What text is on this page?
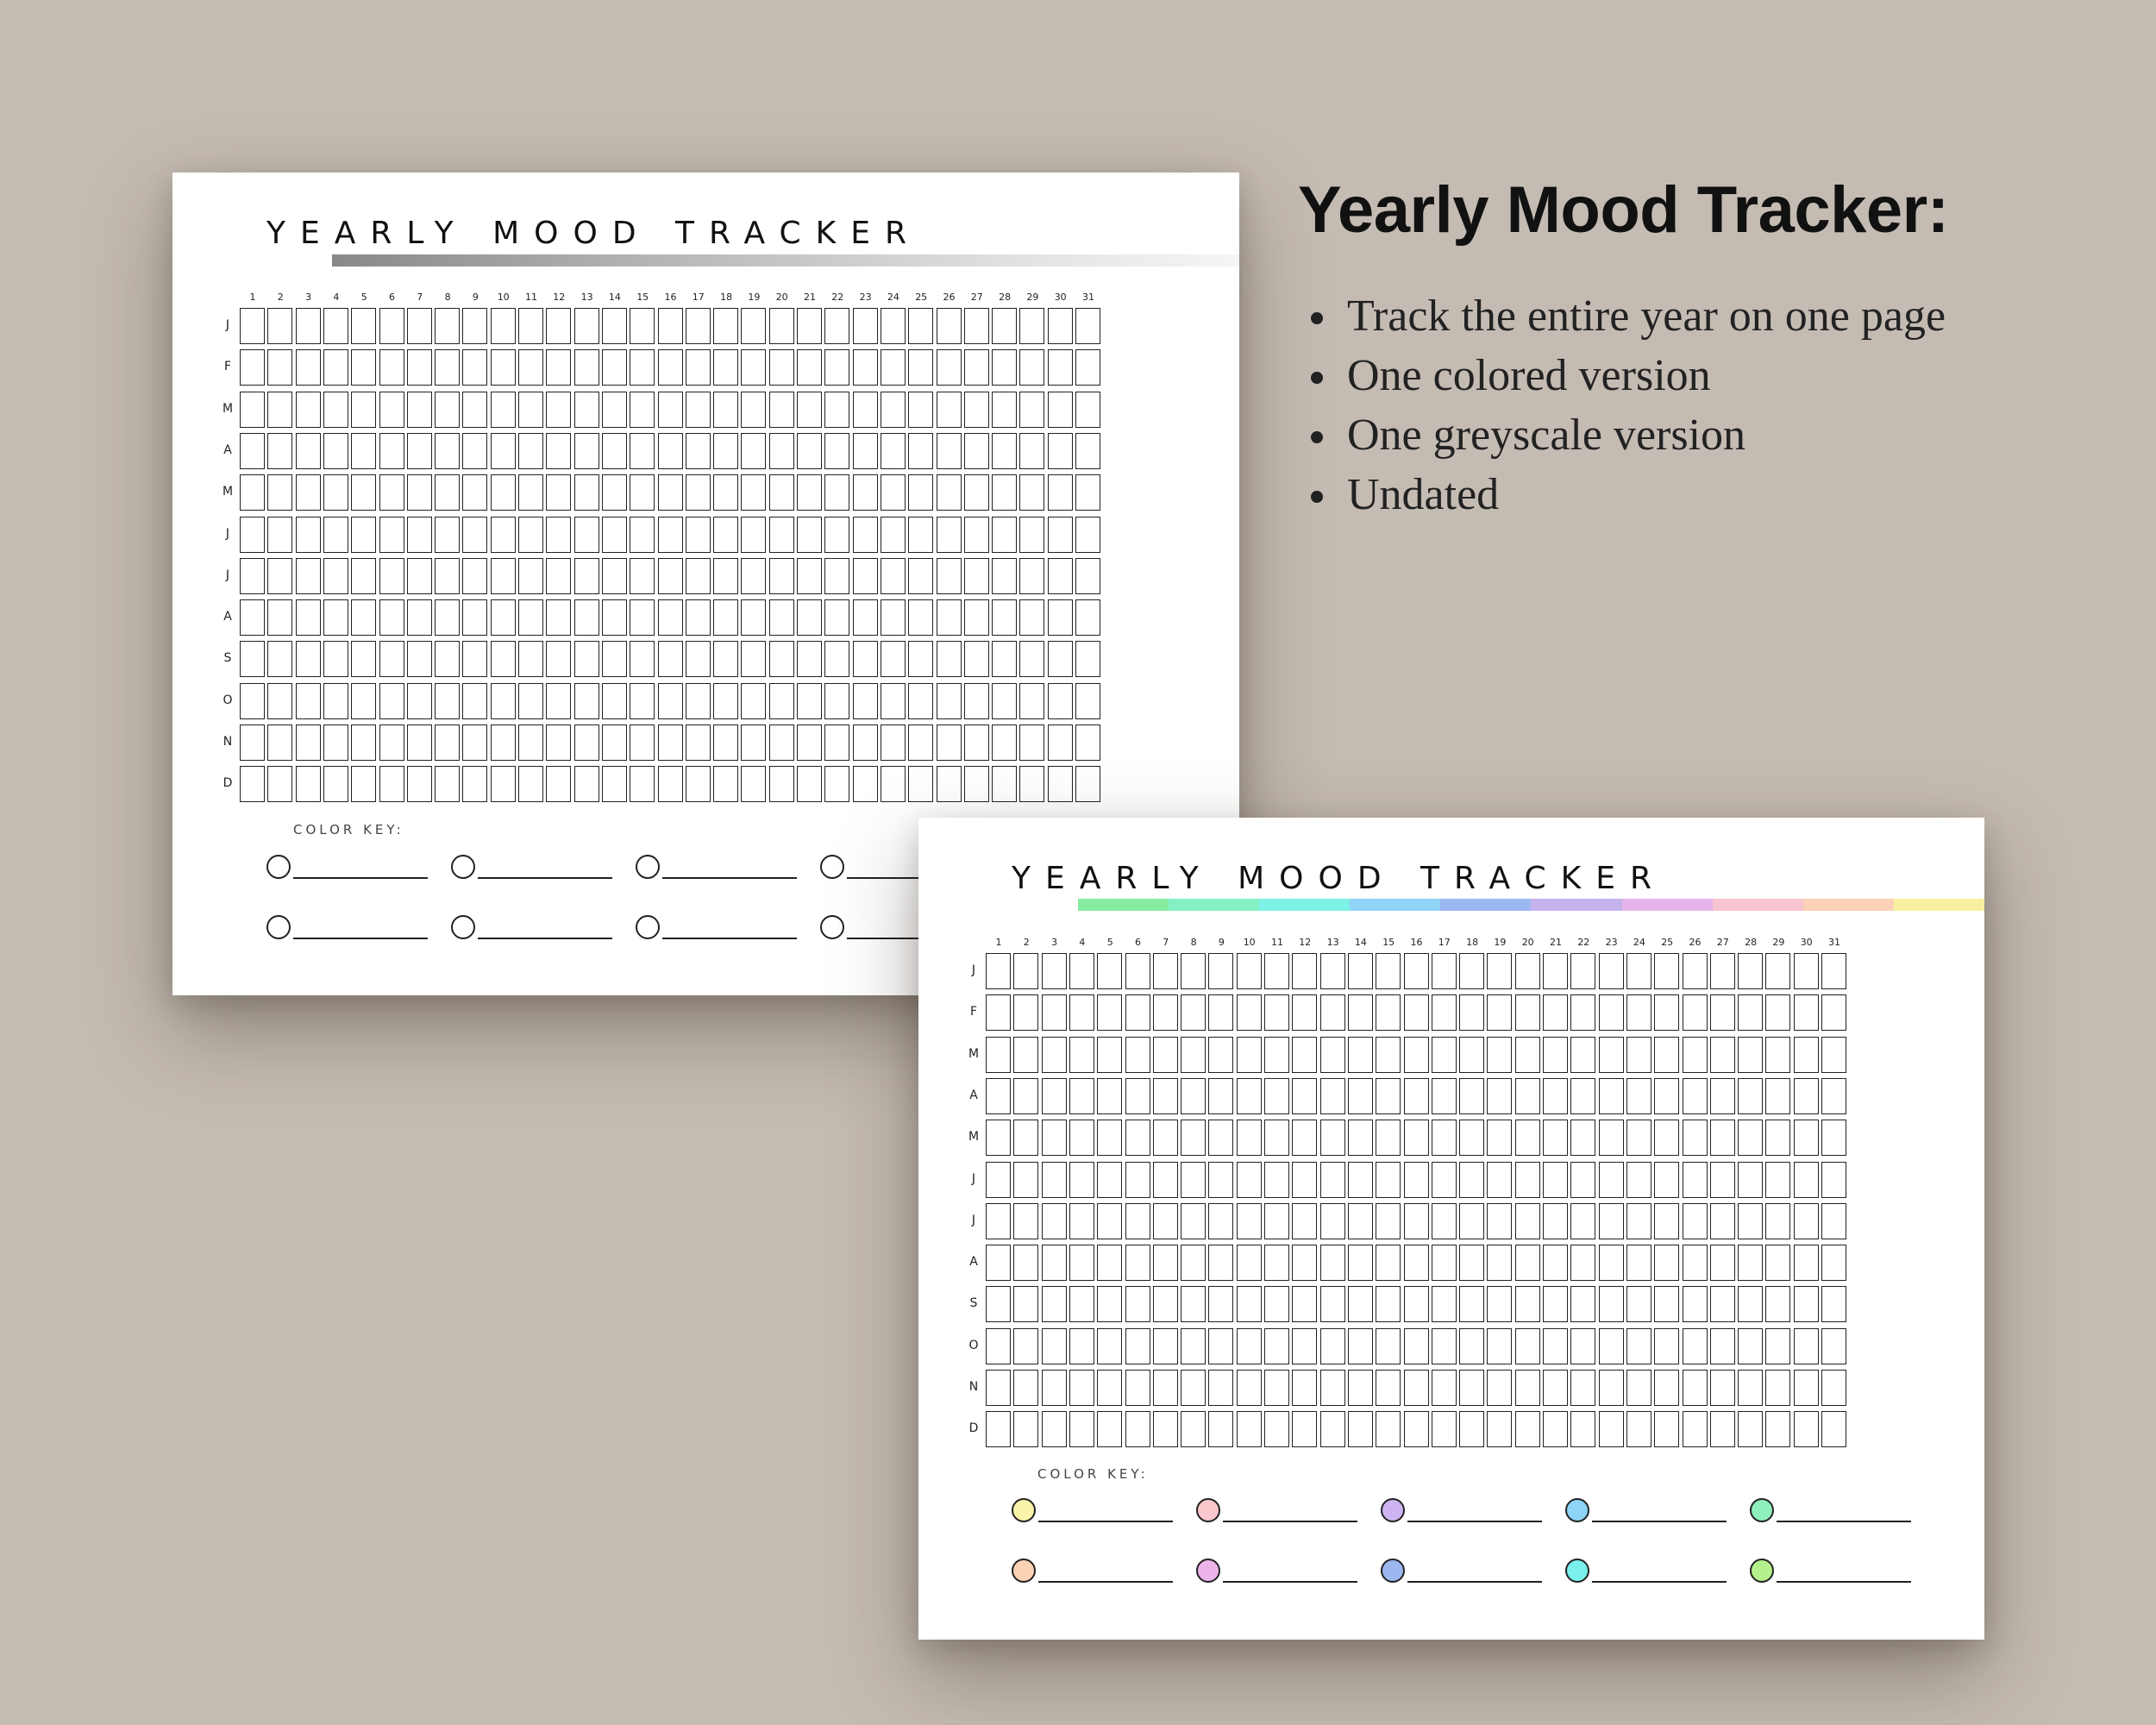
YEARLY MOOD TRACKER
1	2	3	4	5	6	7	8	9	10	11	12	13	14	15	16	17	18	19	20	21	22	23	24	25	26	27	28	29	30	31
J
F
M
A
M
J
J
A
S
O
N
D
COLOR KEY:
YEARLY MOOD TRACKER
1	2	3	4	5	6	7	8	9	10	11	12	13	14	15	16	17	18	19	20	21	22	23	24	25	26	27	28	29	30	31
J
F
M
A
M
J
J
A
S
O
N
D
COLOR KEY:
Yearly Mood Tracker:
Track the entire year on one page
One colored version
One greyscale version
Undated
